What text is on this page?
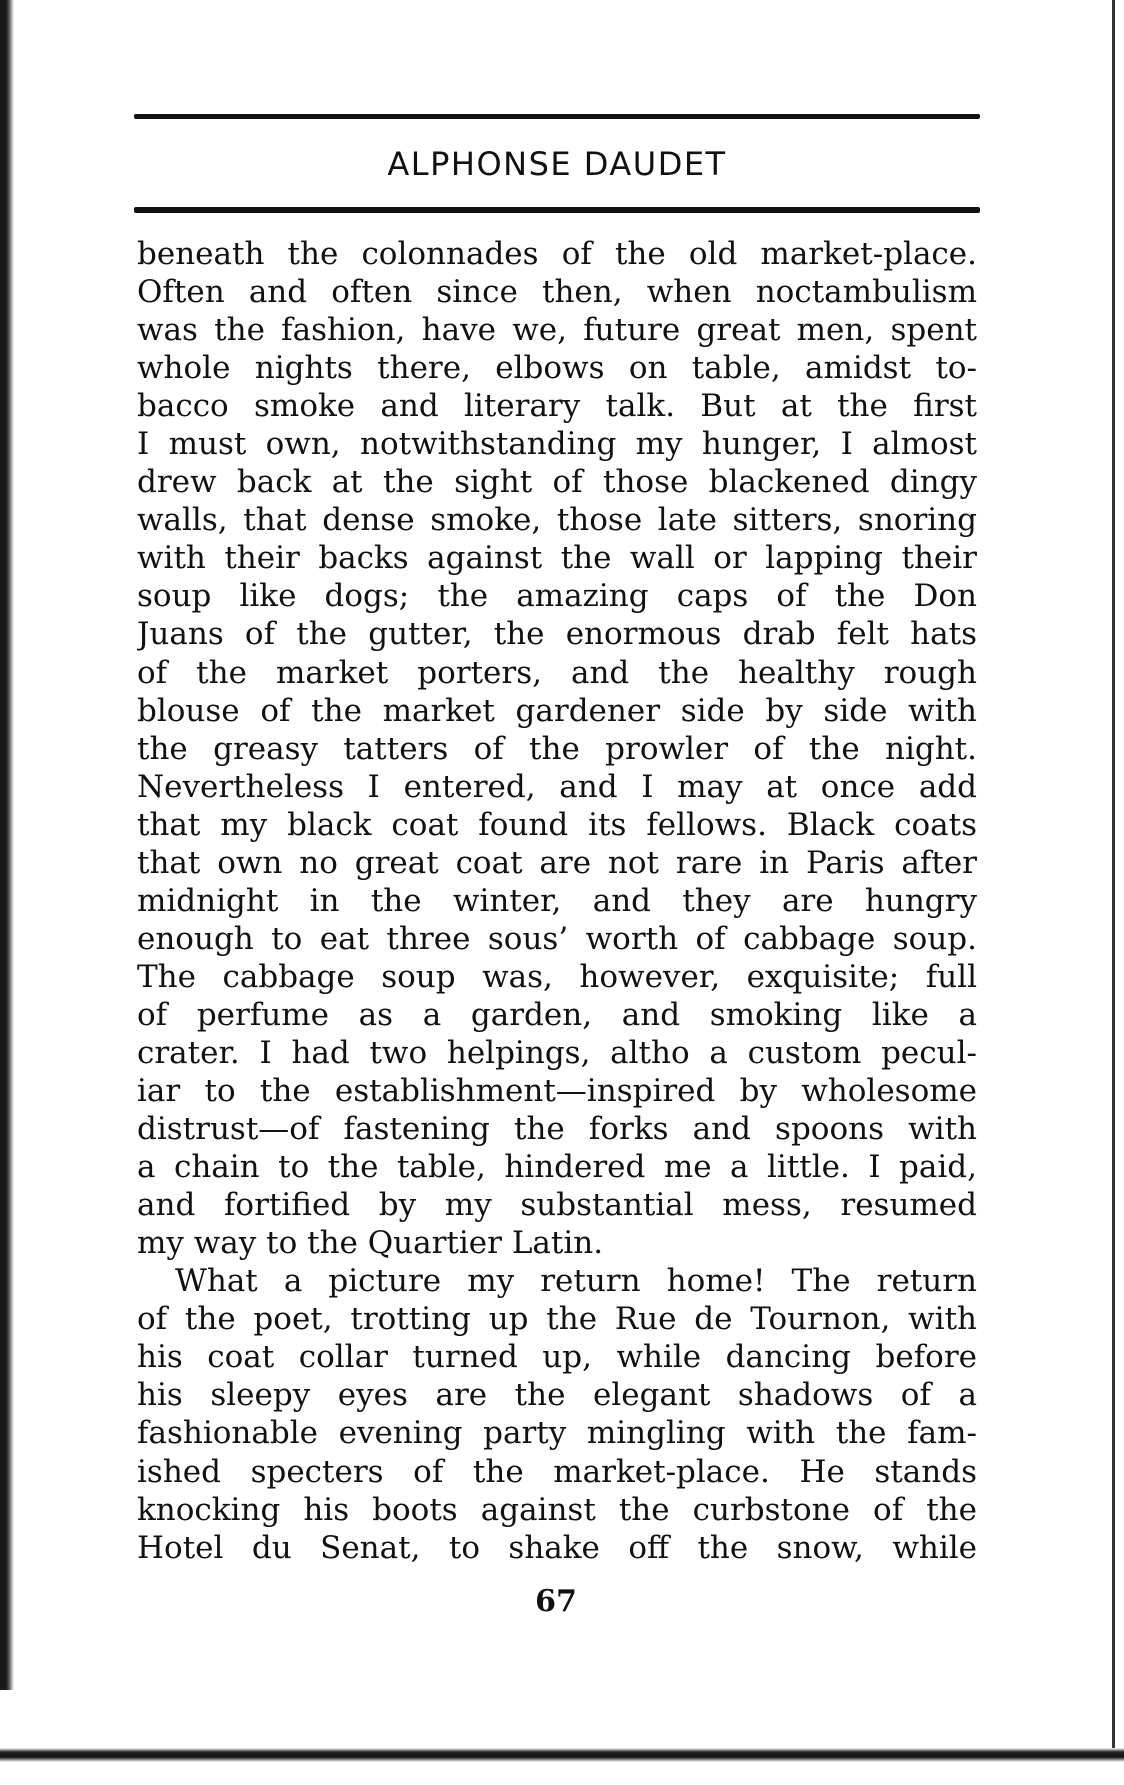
ALPHONSE DAUDET
beneath the colonnades of the old market-place.
Often and often since then, when noctambulism
was the fashion, have we, future great men, spent
whole nights there, elbows on table, amidst to-
bacco smoke and literary talk. But at the first
I must own, notwithstanding my hunger, I almost
drew back at the sight of those blackened dingy
walls, that dense smoke, those late sitters, snoring
with their backs against the wall or lapping their
soup like dogs; the amazing caps of the Don
Juans of the gutter, the enormous drab felt hats
of the market porters, and the healthy rough
blouse of the market gardener side by side with
the greasy tatters of the prowler of the night.
Nevertheless I entered, and I may at once add
that my black coat found its fellows. Black coats
that own no great coat are not rare in Paris after
midnight in the winter, and they are hungry
enough to eat three sous’ worth of cabbage soup.
The cabbage soup was, however, exquisite; full
of perfume as a garden, and smoking like a
crater. I had two helpings, altho a custom pecul-
iar to the establishment—inspired by wholesome
distrust—of fastening the forks and spoons with
a chain to the table, hindered me a little. I paid,
and fortified by my substantial mess, resumed
my way to the Quartier Latin.
What a picture my return home! The return
of the poet, trotting up the Rue de Tournon, with
his coat collar turned up, while dancing before
his sleepy eyes are the elegant shadows of a
fashionable evening party mingling with the fam-
ished specters of the market-place. He stands
knocking his boots against the curbstone of the
Hotel du Senat, to shake off the snow, while
67
